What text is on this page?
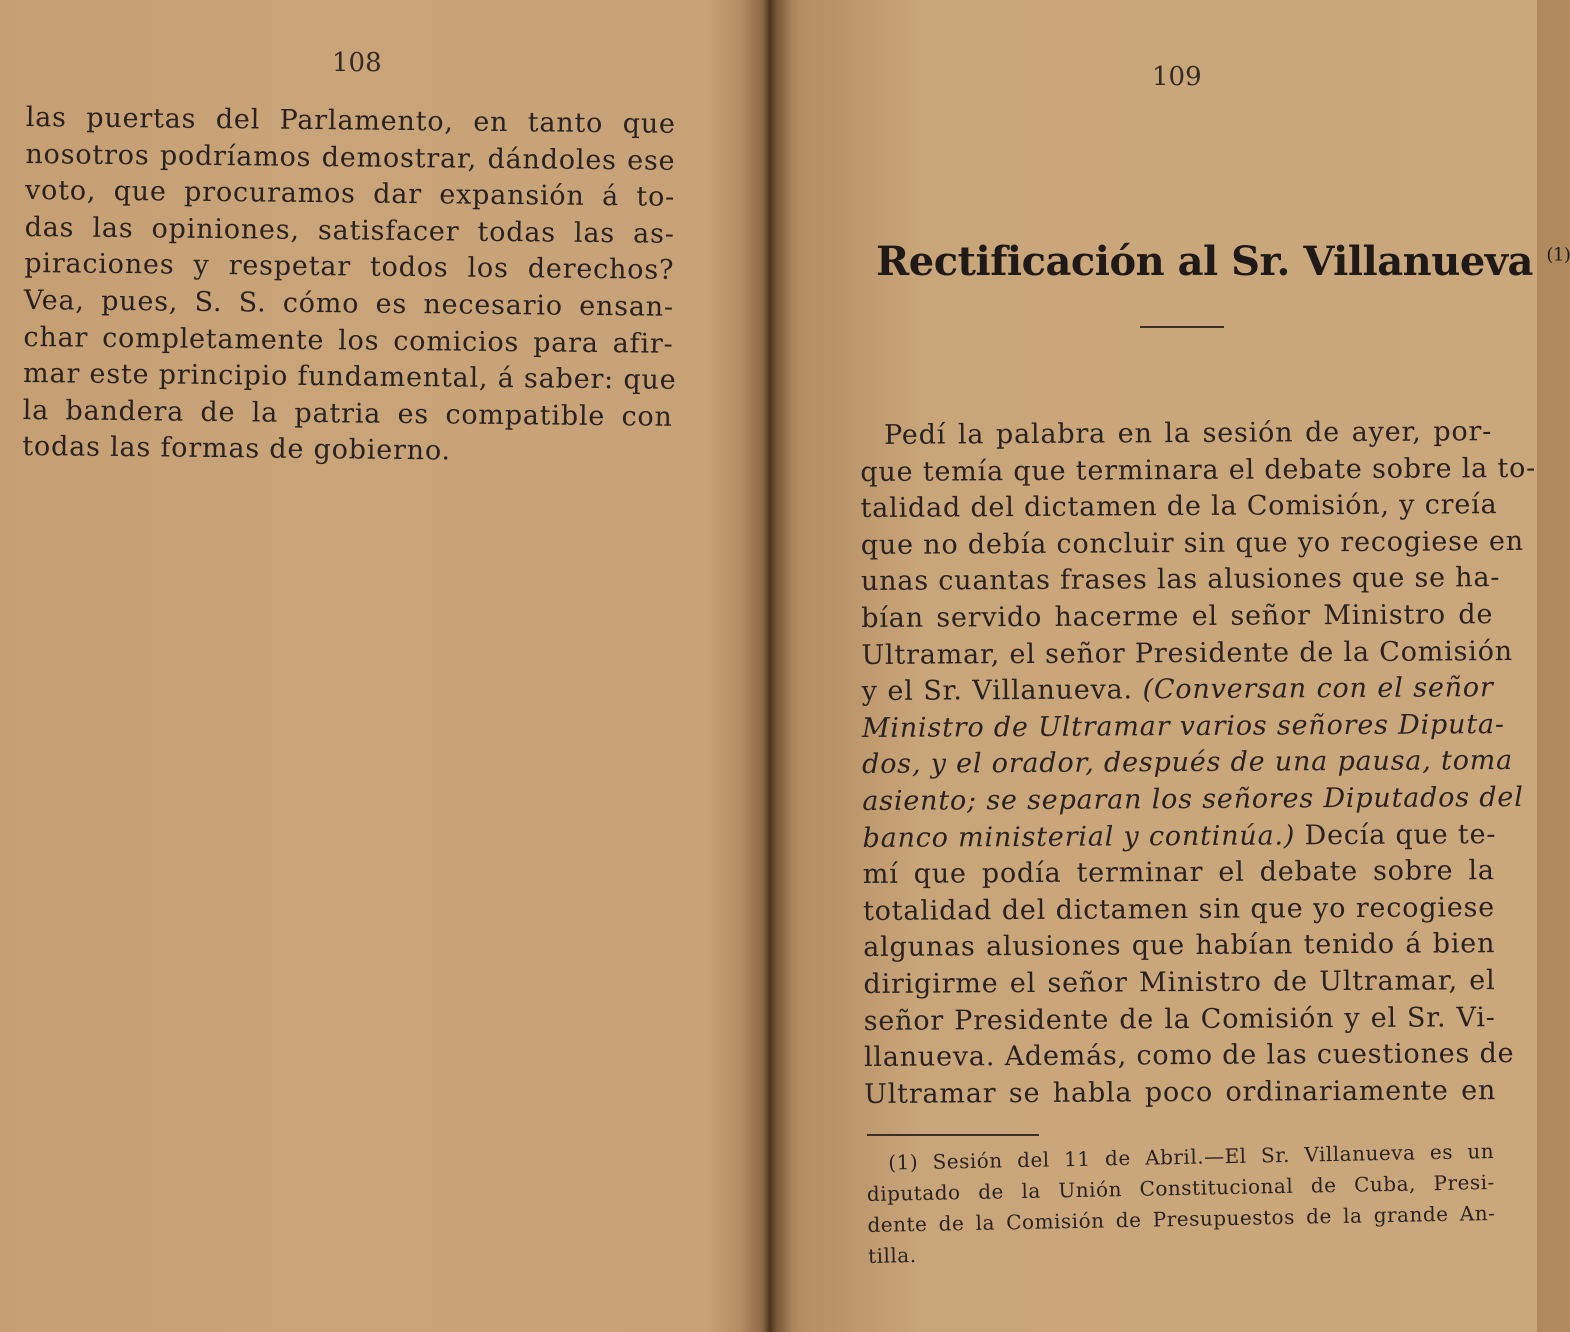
108
las puertas del Parlamento, en tanto que
nosotros podríamos demostrar, dándoles ese
voto, que procuramos dar expansión á to-
das las opiniones, satisfacer todas las as-
piraciones y respetar todos los derechos?
Vea, pues, S. S. cómo es necesario ensan-
char completamente los comicios para afir-
mar este principio fundamental, á saber: que
la bandera de la patria es compatible con
todas las formas de gobierno.
109
Rectificación al Sr. Villanueva $^{(1)}$
Pedí la palabra en la sesión de ayer, por-
que temía que terminara el debate sobre la to-
talidad del dictamen de la Comisión, y creía
que no debía concluir sin que yo recogiese en
unas cuantas frases las alusiones que se ha-
bían servido hacerme el señor Ministro de
Ultramar, el señor Presidente de la Comisión
y el Sr. Villanueva. (Conversan con el señor
Ministro de Ultramar varios señores Diputa-
dos, y el orador, después de una pausa, toma
asiento; se separan los señores Diputados del
banco ministerial y continúa.) Decía que te-
mí que podía terminar el debate sobre la
totalidad del dictamen sin que yo recogiese
algunas alusiones que habían tenido á bien
dirigirme el señor Ministro de Ultramar, el
señor Presidente de la Comisión y el Sr. Vi-
llanueva. Además, como de las cuestiones de
Ultramar se habla poco ordinariamente en
(1) Sesión del 11 de Abril.—El Sr. Villanueva es un
diputado de la Unión Constitucional de Cuba, Presi-
dente de la Comisión de Presupuestos de la grande An-
tilla.
